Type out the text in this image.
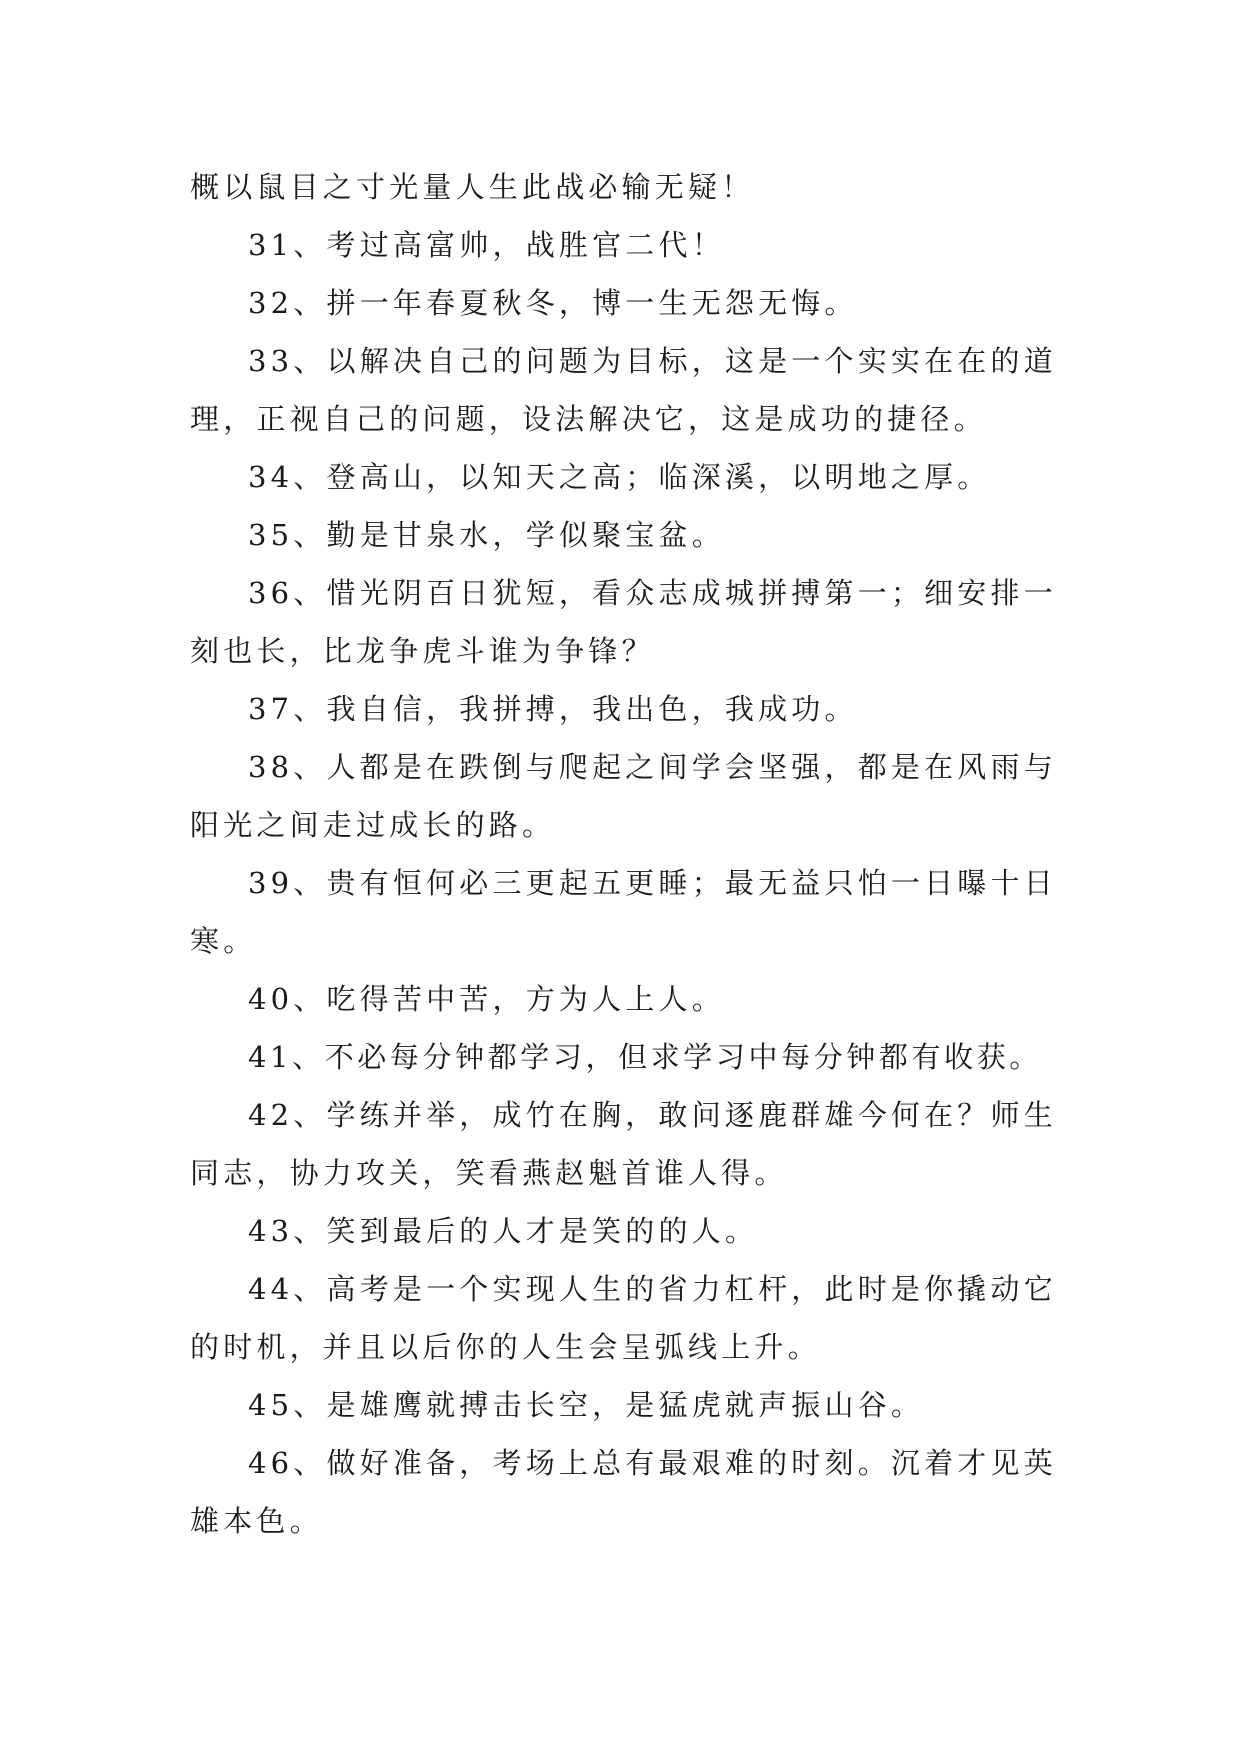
概以鼠目之寸光量人生此战必输无疑！

31、考过高富帅，战胜官二代！

32、拼一年春夏秋冬，博一生无怨无悔。

33、以解决自己的问题为目标，这是一个实实在在的道理，正视自己的问题，设法解决它，这是成功的捷径。

34、登高山，以知天之高；临深溪，以明地之厚。

35、勤是甘泉水，学似聚宝盆。

36、惜光阴百日犹短，看众志成城拼搏第一；细安排一刻也长，比龙争虎斗谁为争锋？

37、我自信，我拼搏，我出色，我成功。

38、人都是在跌倒与爬起之间学会坚强，都是在风雨与阳光之间走过成长的路。

39、贵有恒何必三更起五更睡；最无益只怕一日曝十日寒。

40、吃得苦中苦，方为人上人。

41、不必每分钟都学习，但求学习中每分钟都有收获。

42、学练并举，成竹在胸，敢问逐鹿群雄今何在？师生同志，协力攻关，笑看燕赵魁首谁人得。

43、笑到最后的人才是笑的的人。

44、高考是一个实现人生的省力杠杆，此时是你撬动它的时机，并且以后你的人生会呈弧线上升。

45、是雄鹰就搏击长空，是猛虎就声振山谷。

46、做好准备，考场上总有最艰难的时刻。沉着才见英雄本色。
